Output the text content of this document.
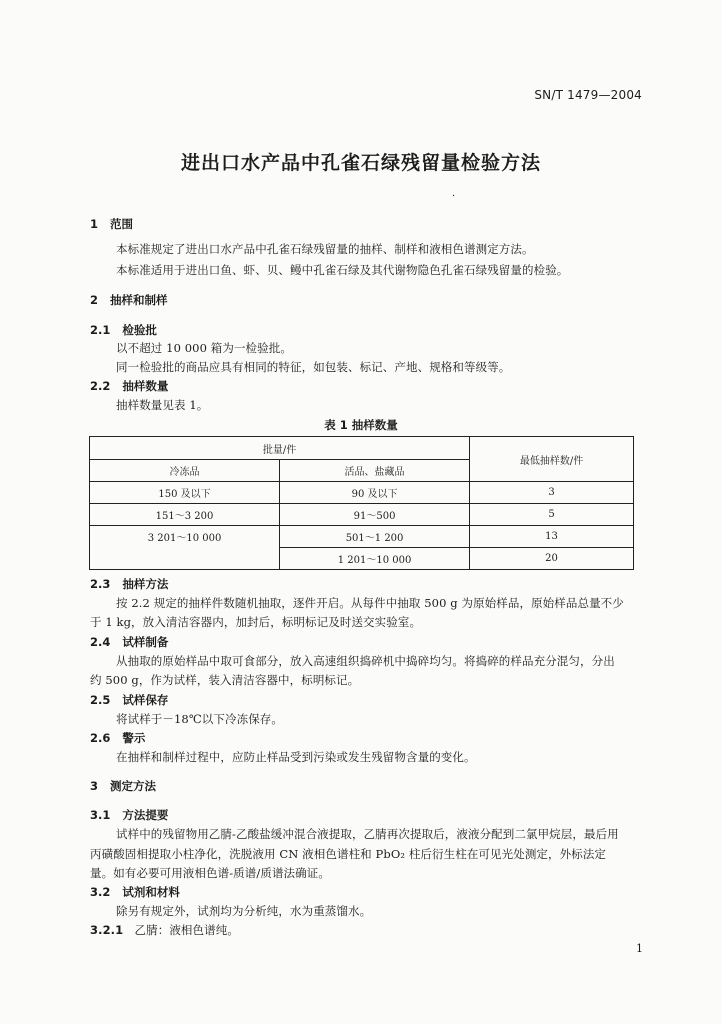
SN/T 1479—2004
进出口水产品中孔雀石绿残留量检验方法
·
1 范围
本标准规定了进出口水产品中孔雀石绿残留量的抽样、制样和液相色谱测定方法。
本标准适用于进出口鱼、虾、贝、鳗中孔雀石绿及其代谢物隐色孔雀石绿残留量的检验。
2 抽样和制样
2.1 检验批
以不超过 10 000 箱为一检验批。
同一检验批的商品应具有相同的特征，如包装、标记、产地、规格和等级等。
2.2 抽样数量
抽样数量见表 1。
表 1 抽样数量
批量/件		最低抽样数/件
冷冻品	活品、盐藏品	
150 及以下	90 及以下	3
151～3 200	91～500	5
3 201～10 000	501～1 200	13
	1 201～10 000	20
2.3 抽样方法
按 2.2 规定的抽样件数随机抽取，逐件开启。从每件中抽取 500 g 为原始样品，原始样品总量不少
于 1 kg，放入清洁容器内，加封后，标明标记及时送交实验室。
2.4 试样制备
从抽取的原始样品中取可食部分，放入高速组织捣碎机中捣碎均匀。将捣碎的样品充分混匀，分出
约 500 g，作为试样，装入清洁容器中，标明标记。
2.5 试样保存
将试样于－18℃以下冷冻保存。
2.6 警示
在抽样和制样过程中，应防止样品受到污染或发生残留物含量的变化。
3 测定方法
3.1 方法提要
试样中的残留物用乙腈-乙酸盐缓冲混合液提取，乙腈再次提取后，液液分配到二氯甲烷层，最后用
丙磺酸固相提取小柱净化，洗脱液用 CN 液相色谱柱和 PbO₂ 柱后衍生柱在可见光处测定，外标法定
量。如有必要可用液相色谱-质谱/质谱法确证。
3.2 试剂和材料
除另有规定外，试剂均为分析纯，水为重蒸馏水。
3.2.1 乙腈：液相色谱纯。
1
